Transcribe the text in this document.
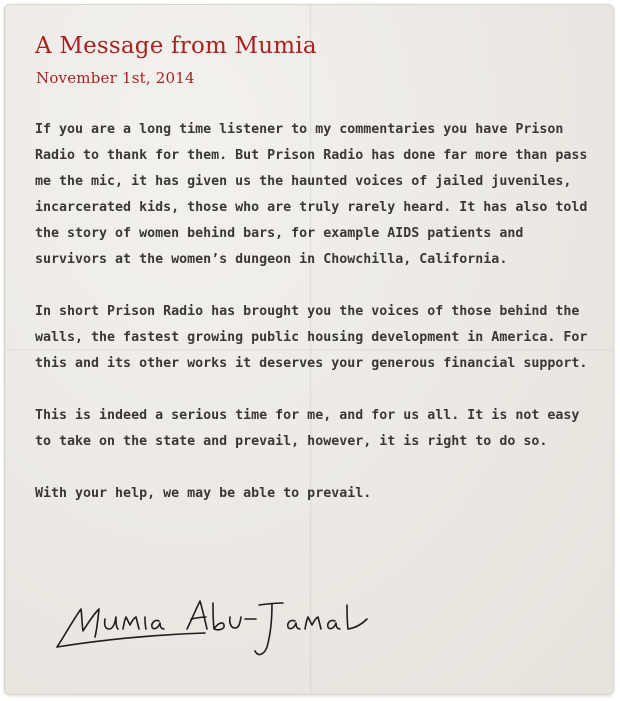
A Message from Mumia
November 1st, 2014

If you are a long time listener to my commentaries you have Prison Radio to thank for them. But Prison Radio has done far more than pass me the mic, it has given us the haunted voices of jailed juveniles, incarcerated kids, those who are truly rarely heard. It has also told the story of women behind bars, for example AIDS patients and survivors at the women’s dungeon in Chowchilla, California.

In short Prison Radio has brought you the voices of those behind the walls, the fastest growing public housing development in America. For this and its other works it deserves your generous financial support.

This is indeed a serious time for me, and for us all. It is not easy to take on the state and prevail, however, it is right to do so.

With your help, we may be able to prevail.
